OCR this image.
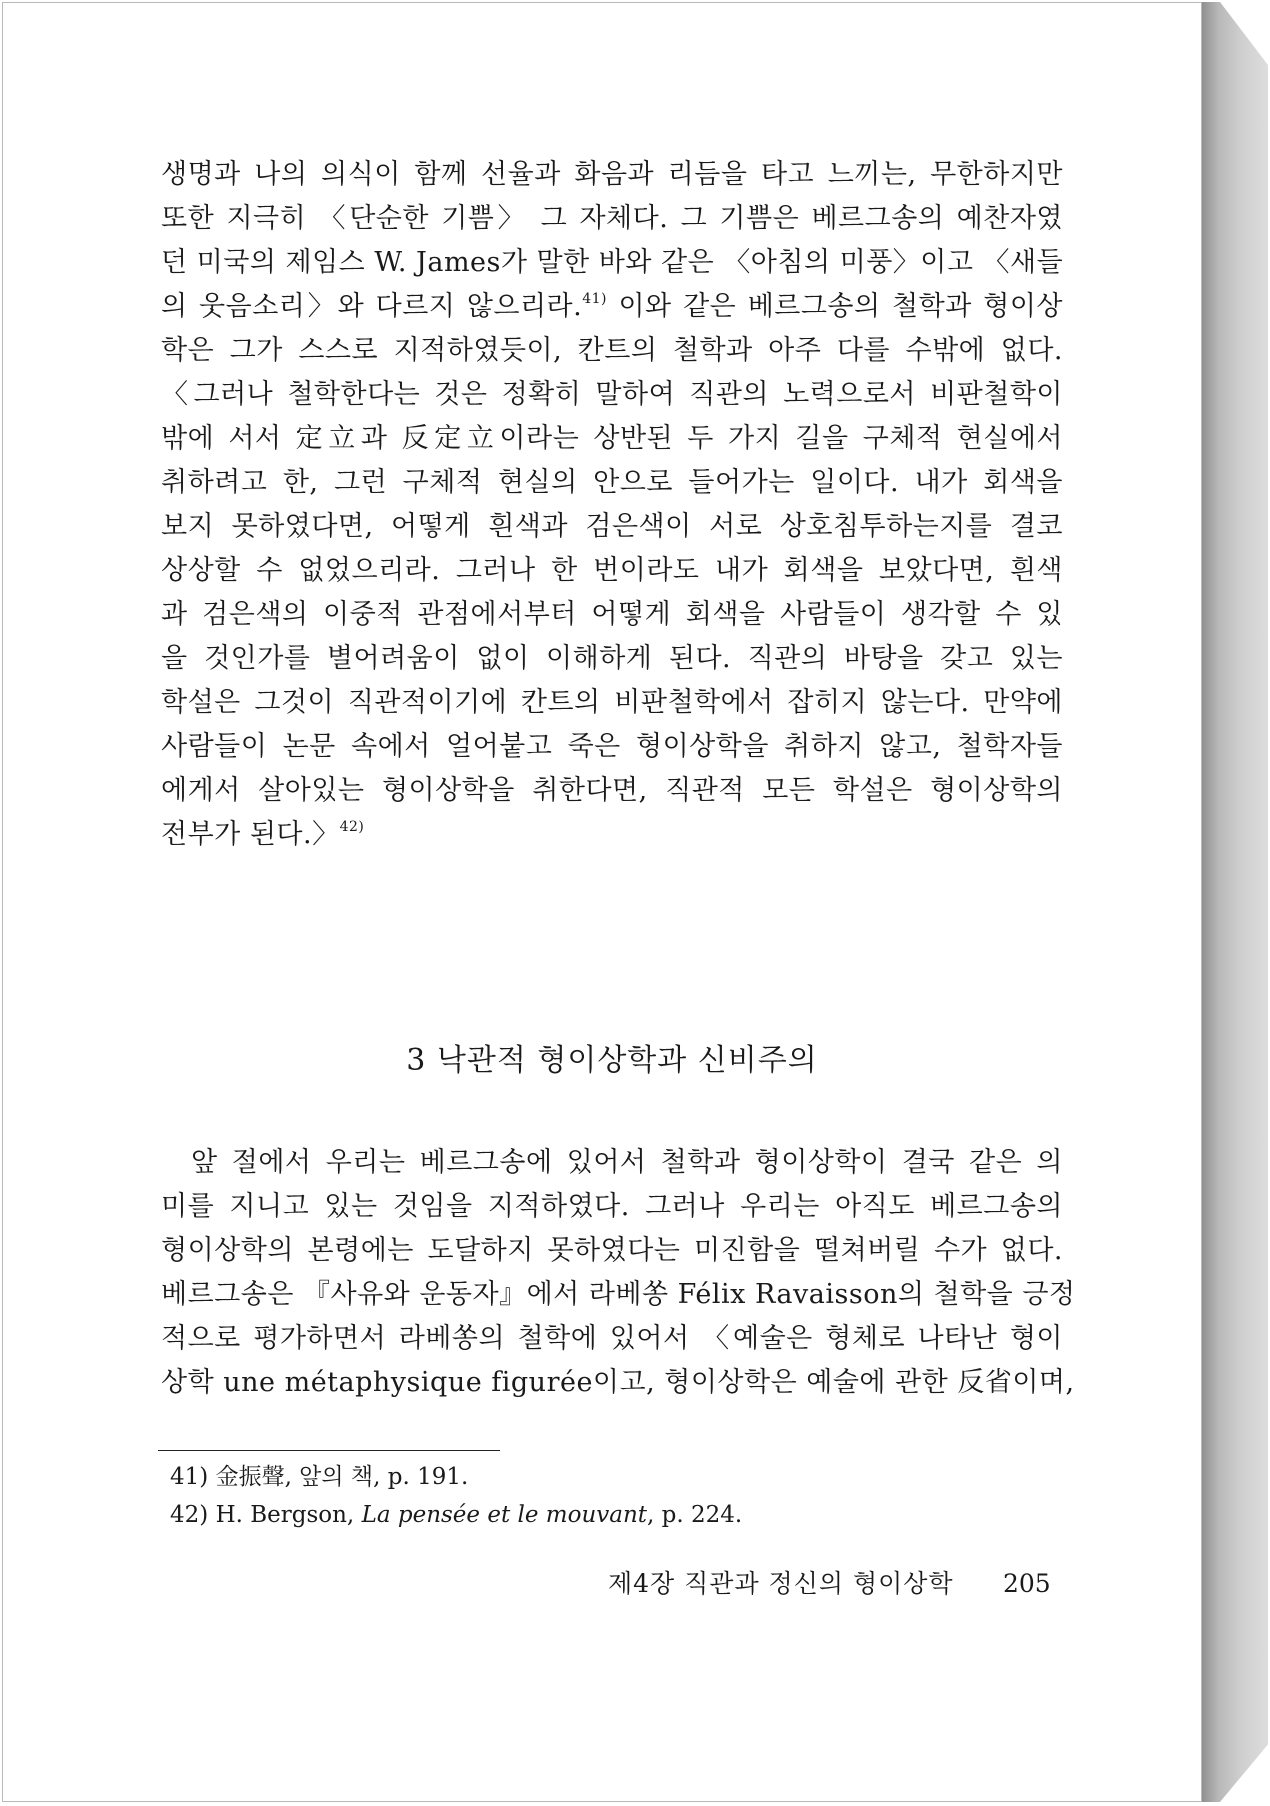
생명과 나의 의식이 함께 선율과 화음과 리듬을 타고 느끼는, 무한하지만
또한 지극히 〈단순한 기쁨〉 그 자체다. 그 기쁨은 베르그송의 예찬자였
던 미국의 제임스 W. James가 말한 바와 같은 〈아침의 미풍〉이고 〈새들
의 웃음소리〉와 다르지 않으리라.$^{41)}$ 이와 같은 베르그송의 철학과 형이상
학은 그가 스스로 지적하였듯이, 칸트의 철학과 아주 다를 수밖에 없다.
〈그러나 철학한다는 것은 정확히 말하여 직관의 노력으로서 비판철학이
밖에 서서 定立과 反定立이라는 상반된 두 가지 길을 구체적 현실에서
취하려고 한, 그런 구체적 현실의 안으로 들어가는 일이다. 내가 회색을
보지 못하였다면, 어떻게 흰색과 검은색이 서로 상호침투하는지를 결코
상상할 수 없었으리라. 그러나 한 번이라도 내가 회색을 보았다면, 흰색
과 검은색의 이중적 관점에서부터 어떻게 회색을 사람들이 생각할 수 있
을 것인가를 별어려움이 없이 이해하게 된다. 직관의 바탕을 갖고 있는
학설은 그것이 직관적이기에 칸트의 비판철학에서 잡히지 않는다. 만약에
사람들이 논문 속에서 얼어붙고 죽은 형이상학을 취하지 않고, 철학자들
에게서 살아있는 형이상학을 취한다면, 직관적 모든 학설은 형이상학의
전부가 된다.〉$^{42)}$
3 낙관적 형이상학과 신비주의
앞 절에서 우리는 베르그송에 있어서 철학과 형이상학이 결국 같은 의
미를 지니고 있는 것임을 지적하였다. 그러나 우리는 아직도 베르그송의
형이상학의 본령에는 도달하지 못하였다는 미진함을 떨쳐버릴 수가 없다.
베르그송은 『사유와 운동자』에서 라베쏭 Félix Ravaisson의 철학을 긍정
적으로 평가하면서 라베쏭의 철학에 있어서 〈예술은 형체로 나타난 형이
상학 une métaphysique figurée이고, 형이상학은 예술에 관한 反省이며,
41) 金振聲, 앞의 책, p. 191.
42) H. Bergson, La pensée et le mouvant, p. 224.
제4장 직관과 정신의 형이상학 205
